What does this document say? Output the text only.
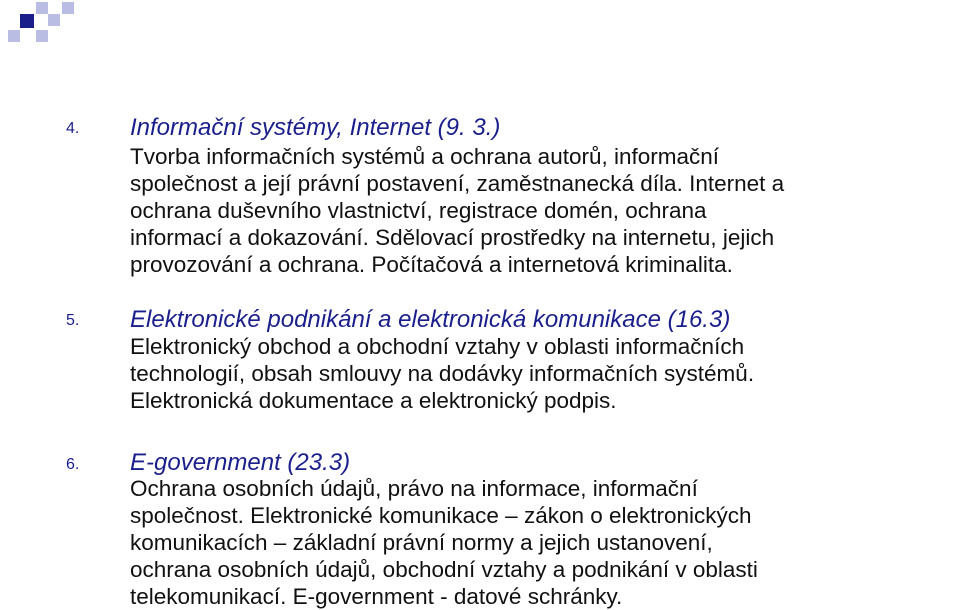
4. Informační systémy, Internet (9. 3.)
Tvorba informačních systémů a ochrana autorů, informační
společnost a její právní postavení, zaměstnanecká díla. Internet a
ochrana duševního vlastnictví, registrace domén, ochrana
informací a dokazování. Sdělovací prostředky na internetu, jejich
provozování a ochrana. Počítačová a internetová kriminalita.
5. Elektronické podnikání a elektronická komunikace (16.3)
Elektronický obchod a obchodní vztahy v oblasti informačních
technologií, obsah smlouvy na dodávky informačních systémů.
Elektronická dokumentace a elektronický podpis.
6. E-government (23.3)
Ochrana osobních údajů, právo na informace, informační
společnost. Elektronické komunikace – zákon o elektronických
komunikacích – základní právní normy a jejich ustanovení,
ochrana osobních údajů, obchodní vztahy a podnikání v oblasti
telekomunikací. E-government - datové schránky.
